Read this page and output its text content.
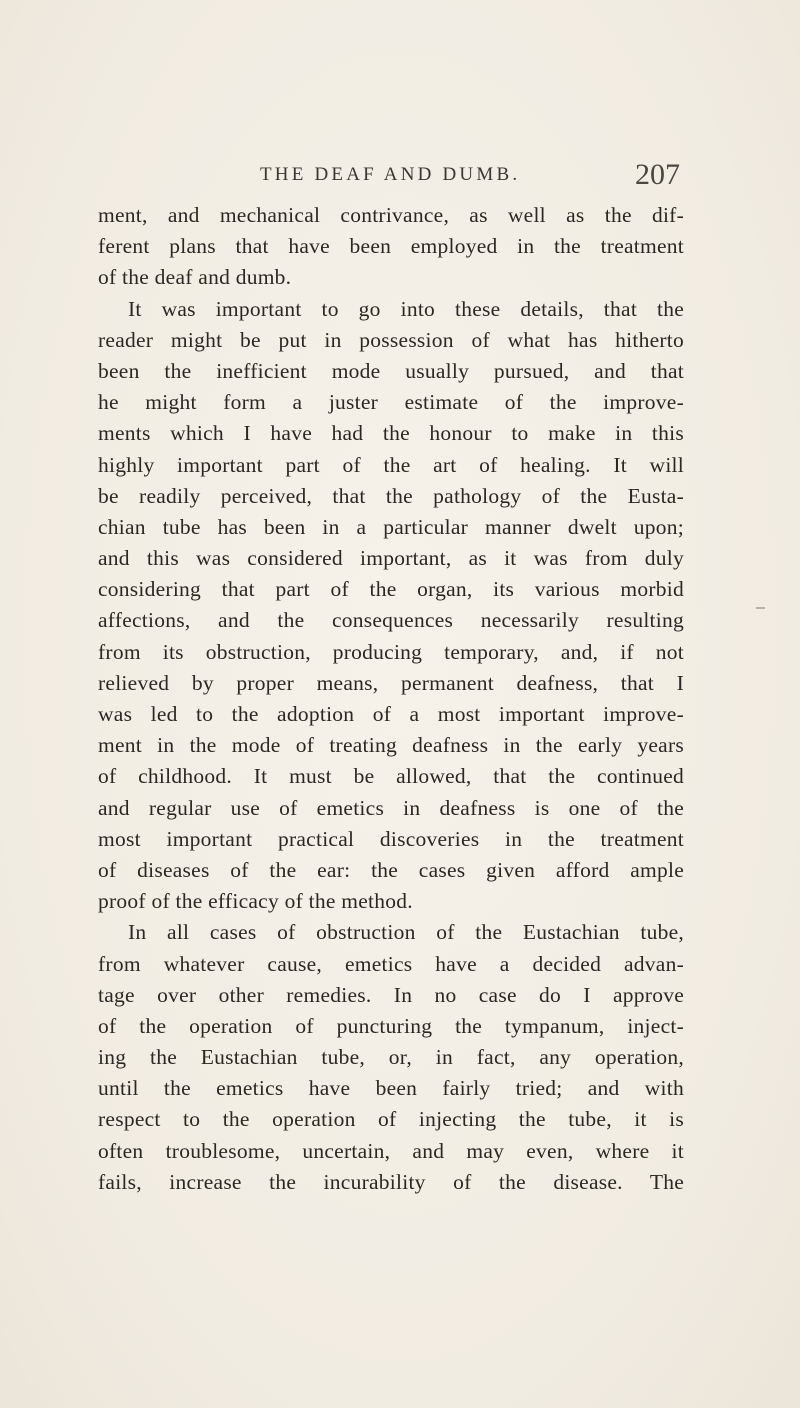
THE DEAF AND DUMB.	207
ment, and mechanical contrivance, as well as the dif-
ferent plans that have been employed in the treatment
of the deaf and dumb.
It was important to go into these details, that the
reader might be put in possession of what has hitherto
been the inefficient mode usually pursued, and that
he might form a juster estimate of the improve-
ments which I have had the honour to make in this
highly important part of the art of healing. It will
be readily perceived, that the pathology of the Eusta-
chian tube has been in a particular manner dwelt upon;
and this was considered important, as it was from duly
considering that part of the organ, its various morbid
affections, and the consequences necessarily resulting
from its obstruction, producing temporary, and, if not
relieved by proper means, permanent deafness, that I
was led to the adoption of a most important improve-
ment in the mode of treating deafness in the early years
of childhood. It must be allowed, that the continued
and regular use of emetics in deafness is one of the
most important practical discoveries in the treatment
of diseases of the ear: the cases given afford ample
proof of the efficacy of the method.
In all cases of obstruction of the Eustachian tube,
from whatever cause, emetics have a decided advan-
tage over other remedies. In no case do I approve
of the operation of puncturing the tympanum, inject-
ing the Eustachian tube, or, in fact, any operation,
until the emetics have been fairly tried; and with
respect to the operation of injecting the tube, it is
often troublesome, uncertain, and may even, where it
fails, increase the incurability of the disease. The
